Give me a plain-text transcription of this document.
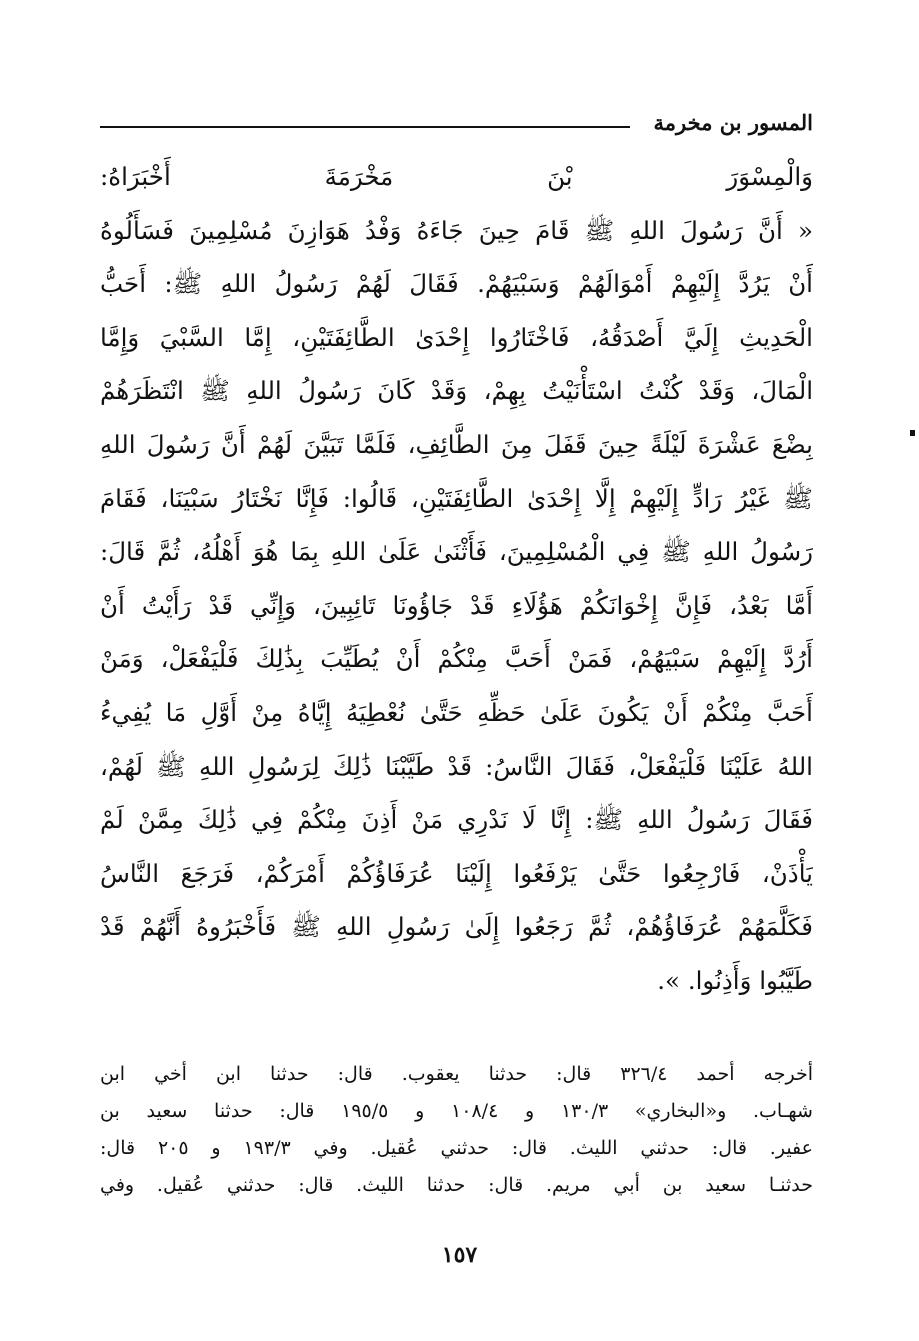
المسور بن مخرمة
وَالْمِسْوَرَ بْنَ مَخْرَمَةَ أَخْبَرَاهُ:
« أَنَّ رَسُولَ اللهِ ﷺ قَامَ حِينَ جَاءَهُ وَفْدُ هَوَازِنَ مُسْلِمِينَ فَسَأَلُوهُ
أَنْ يَرُدَّ إِلَيْهِمْ أَمْوَالَهُمْ وَسَبْيَهُمْ. فَقَالَ لَهُمْ رَسُولُ اللهِ ﷺ: أَحَبُّ
الْحَدِيثِ إِلَيَّ أَصْدَقُهُ، فَاخْتَارُوا إِحْدَىٰ الطَّائِفَتَيْنِ، إِمَّا السَّبْيَ وَإِمَّا
الْمَالَ، وَقَدْ كُنْتُ اسْتَأْنَيْتُ بِهِمْ، وَقَدْ كَانَ رَسُولُ اللهِ ﷺ انْتَظَرَهُمْ
بِضْعَ عَشْرَةَ لَيْلَةً حِينَ قَفَلَ مِنَ الطَّائِفِ، فَلَمَّا تَبَيَّنَ لَهُمْ أَنَّ رَسُولَ اللهِ
ﷺ غَيْرُ رَادٍّ إِلَيْهِمْ إِلَّا إِحْدَىٰ الطَّائِفَتَيْنِ، قَالُوا: فَإِنَّا نَخْتَارُ سَبْيَنَا، فَقَامَ
رَسُولُ اللهِ ﷺ فِي الْمُسْلِمِينَ، فَأَثْنَىٰ عَلَىٰ اللهِ بِمَا هُوَ أَهْلُهُ، ثُمَّ قَالَ:
أَمَّا بَعْدُ، فَإِنَّ إِخْوَانَكُمْ هَؤُلَاءِ قَدْ جَاؤُونَا تَائِبِينَ، وَإِنِّي قَدْ رَأَيْتُ أَنْ
أَرُدَّ إِلَيْهِمْ سَبْيَهُمْ، فَمَنْ أَحَبَّ مِنْكُمْ أَنْ يُطَيِّبَ بِذَٰلِكَ فَلْيَفْعَلْ، وَمَنْ
أَحَبَّ مِنْكُمْ أَنْ يَكُونَ عَلَىٰ حَظِّهِ حَتَّىٰ نُعْطِيَهُ إِيَّاهُ مِنْ أَوَّلِ مَا يُفِيءُ
اللهُ عَلَيْنَا فَلْيَفْعَلْ، فَقَالَ النَّاسُ: قَدْ طَيَّبْنَا ذَٰلِكَ لِرَسُولِ اللهِ ﷺ لَهُمْ،
فَقَالَ رَسُولُ اللهِ ﷺ: إِنَّا لَا نَدْرِي مَنْ أَذِنَ مِنْكُمْ فِي ذَٰلِكَ مِمَّنْ لَمْ
يَأْذَنْ، فَارْجِعُوا حَتَّىٰ يَرْفَعُوا إِلَيْنَا عُرَفَاؤُكُمْ أَمْرَكُمْ، فَرَجَعَ النَّاسُ
فَكَلَّمَهُمْ عُرَفَاؤُهُمْ، ثُمَّ رَجَعُوا إِلَىٰ رَسُولِ اللهِ ﷺ فَأَخْبَرُوهُ أَنَّهُمْ قَدْ
طَيَّبُوا وَأَذِنُوا. ».
أخرجه أحمد ٣٢٦/٤ قال: حدثنا يعقوب. قال: حدثنا ابن أخي ابن
شهـاب. و«البخاري» ١٣٠/٣ و ١٠٨/٤ و ١٩٥/٥ قال: حدثنا سعيد بن
عفير. قال: حدثني الليث. قال: حدثني عُقيل. وفي ١٩٣/٣ و ٢٠٥ قال:
حدثنـا سعيد بن أبي مريم. قال: حدثنا الليث. قال: حدثني عُقيل. وفي
١٥٧
